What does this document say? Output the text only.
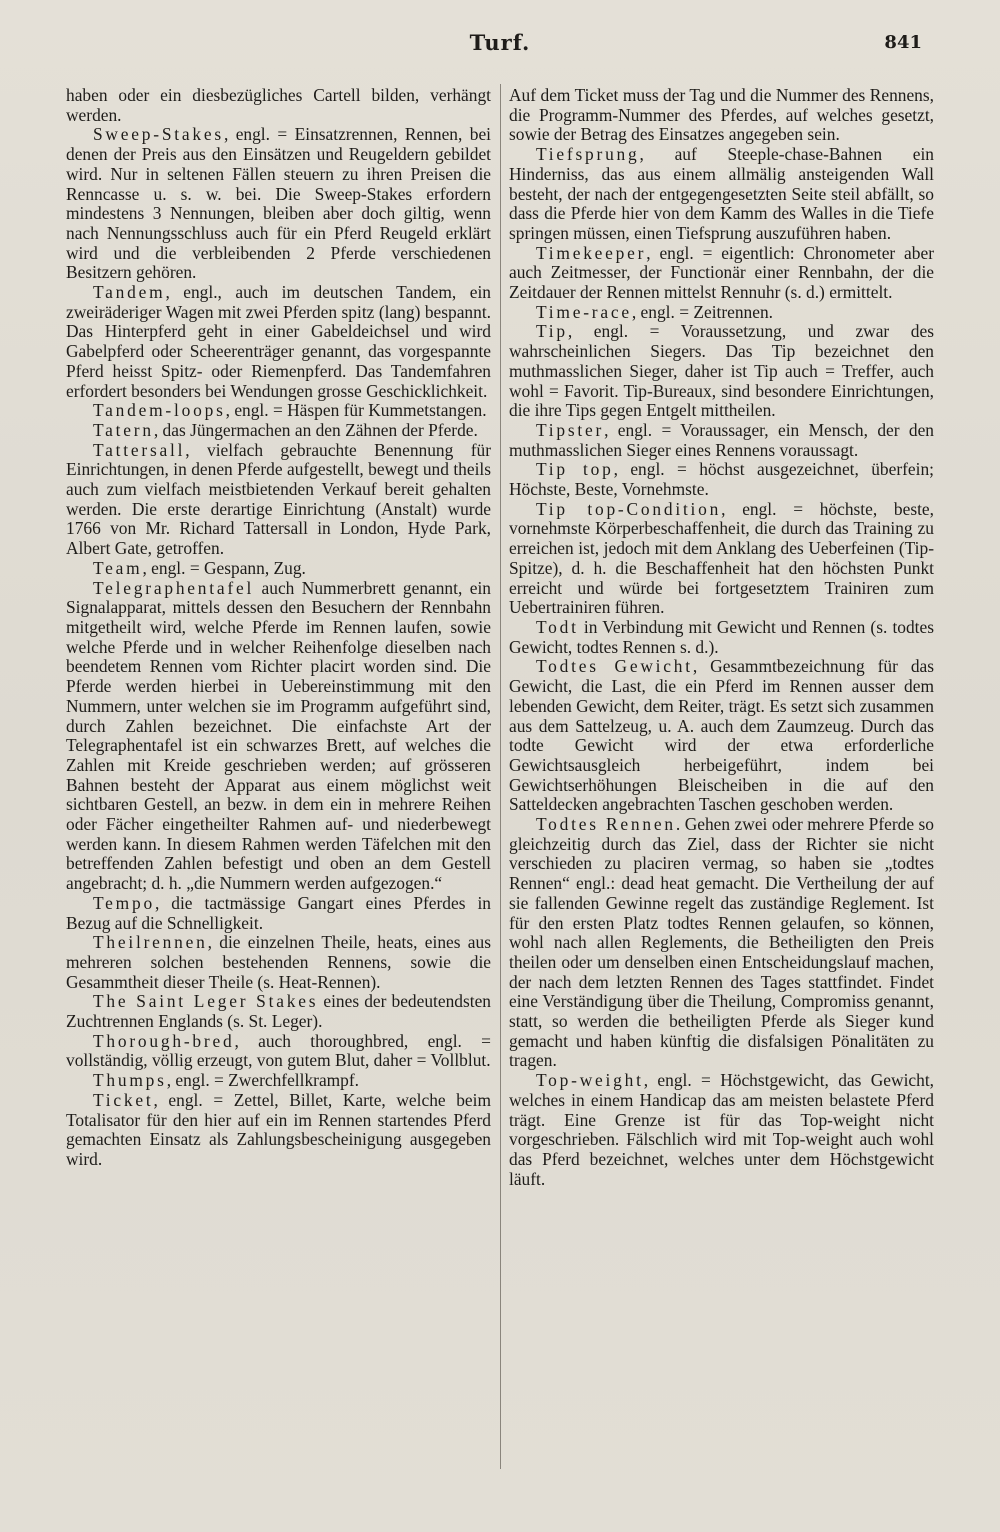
Turf.	841

haben oder ein diesbezügliches Cartell bilden, verhängt werden.

Sweep-Stakes, engl. = Einsatzrennen, Rennen, bei denen der Preis aus den Einsätzen und Reugeldern gebildet wird. Nur in seltenen Fällen steuern zu ihren Preisen die Renncasse u. s. w. bei. Die Sweep-Stakes erfordern mindestens 3 Nennungen, bleiben aber doch giltig, wenn nach Nennungsschluss auch für ein Pferd Reugeld erklärt wird und die verbleibenden 2 Pferde verschiedenen Besitzern gehören.

Tandem, engl., auch im deutschen Tandem, ein zweiräderiger Wagen mit zwei Pferden spitz (lang) bespannt. Das Hinterpferd geht in einer Gabeldeichsel und wird Gabelpferd oder Scheerenträger genannt, das vorgespannte Pferd heisst Spitz- oder Riemenpferd. Das Tandemfahren erfordert besonders bei Wendungen grosse Geschicklichkeit.

Tandem-loops, engl. = Häspen für Kummetstangen.

Tatern, das Jüngermachen an den Zähnen der Pferde.

Tattersall, vielfach gebrauchte Benennung für Einrichtungen, in denen Pferde aufgestellt, bewegt und theils auch zum vielfach meistbietenden Verkauf bereit gehalten werden. Die erste derartige Einrichtung (Anstalt) wurde 1766 von Mr. Richard Tattersall in London, Hyde Park, Albert Gate, getroffen.

Team, engl. = Gespann, Zug.

Telegraphentafel auch Nummerbrett genannt, ein Signalapparat, mittels dessen den Besuchern der Rennbahn mitgetheilt wird, welche Pferde im Rennen laufen, sowie welche Pferde und in welcher Reihenfolge dieselben nach beendetem Rennen vom Richter placirt worden sind. Die Pferde werden hierbei in Uebereinstimmung mit den Nummern, unter welchen sie im Programm aufgeführt sind, durch Zahlen bezeichnet. Die einfachste Art der Telegraphentafel ist ein schwarzes Brett, auf welches die Zahlen mit Kreide geschrieben werden; auf grösseren Bahnen besteht der Apparat aus einem möglichst weit sichtbaren Gestell, an bezw. in dem ein in mehrere Reihen oder Fächer eingetheilter Rahmen auf- und niederbewegt werden kann. In diesem Rahmen werden Täfelchen mit den betreffenden Zahlen befestigt und oben an dem Gestell angebracht; d. h. „die Nummern werden aufgezogen.“

Tempo, die tactmässige Gangart eines Pferdes in Bezug auf die Schnelligkeit.

Theilrennen, die einzelnen Theile, heats, eines aus mehreren solchen bestehenden Rennens, sowie die Gesammtheit dieser Theile (s. Heat-Rennen).

The Saint Leger Stakes eines der bedeutendsten Zuchtrennen Englands (s. St. Leger).

Thorough-bred, auch thoroughbred, engl. = vollständig, völlig erzeugt, von gutem Blut, daher = Vollblut.

Thumps, engl. = Zwerchfellkrampf.

Ticket, engl. = Zettel, Billet, Karte, welche beim Totalisator für den hier auf ein im Rennen startendes Pferd gemachten Einsatz als Zahlungsbescheinigung ausgegeben wird.

Auf dem Ticket muss der Tag und die Nummer des Rennens, die Programm-Nummer des Pferdes, auf welches gesetzt, sowie der Betrag des Einsatzes angegeben sein.

Tiefsprung, auf Steeple-chase-Bahnen ein Hinderniss, das aus einem allmälig ansteigenden Wall besteht, der nach der entgegengesetzten Seite steil abfällt, so dass die Pferde hier von dem Kamm des Walles in die Tiefe springen müssen, einen Tiefsprung auszuführen haben.

Timekeeper, engl. = eigentlich: Chronometer aber auch Zeitmesser, der Functionär einer Rennbahn, der die Zeitdauer der Rennen mittelst Rennuhr (s. d.) ermittelt.

Time-race, engl. = Zeitrennen.

Tip, engl. = Voraussetzung, und zwar des wahrscheinlichen Siegers. Das Tip bezeichnet den muthmasslichen Sieger, daher ist Tip auch = Treffer, auch wohl = Favorit. Tip-Bureaux, sind besondere Einrichtungen, die ihre Tips gegen Entgelt mittheilen.

Tipster, engl. = Voraussager, ein Mensch, der den muthmasslichen Sieger eines Rennens voraussagt.

Tip top, engl. = höchst ausgezeichnet, überfein; Höchste, Beste, Vornehmste.

Tip top-Condition, engl. = höchste, beste, vornehmste Körperbeschaffenheit, die durch das Training zu erreichen ist, jedoch mit dem Anklang des Ueberfeinen (Tip-Spitze), d. h. die Beschaffenheit hat den höchsten Punkt erreicht und würde bei fortgesetztem Trainiren zum Uebertrainiren führen.

Todt in Verbindung mit Gewicht und Rennen (s. todtes Gewicht, todtes Rennen s. d.).

Todtes Gewicht, Gesammtbezeichnung für das Gewicht, die Last, die ein Pferd im Rennen ausser dem lebenden Gewicht, dem Reiter, trägt. Es setzt sich zusammen aus dem Sattelzeug, u. A. auch dem Zaumzeug. Durch das todte Gewicht wird der etwa erforderliche Gewichtsausgleich herbeigeführt, indem bei Gewichtserhöhungen Bleischeiben in die auf den Satteldecken angebrachten Taschen geschoben werden.

Todtes Rennen. Gehen zwei oder mehrere Pferde so gleichzeitig durch das Ziel, dass der Richter sie nicht verschieden zu placiren vermag, so haben sie „todtes Rennen“ engl.: dead heat gemacht. Die Vertheilung der auf sie fallenden Gewinne regelt das zuständige Reglement. Ist für den ersten Platz todtes Rennen gelaufen, so können, wohl nach allen Reglements, die Betheiligten den Preis theilen oder um denselben einen Entscheidungslauf machen, der nach dem letzten Rennen des Tages stattfindet. Findet eine Verständigung über die Theilung, Compromiss genannt, statt, so werden die betheiligten Pferde als Sieger kund gemacht und haben künftig die disfalsigen Pönalitäten zu tragen.

Top-weight, engl. = Höchstgewicht, das Gewicht, welches in einem Handicap das am meisten belastete Pferd trägt. Eine Grenze ist für das Top-weight nicht vorgeschrieben. Fälschlich wird mit Top-weight auch wohl das Pferd bezeichnet, welches unter dem Höchstgewicht läuft.
